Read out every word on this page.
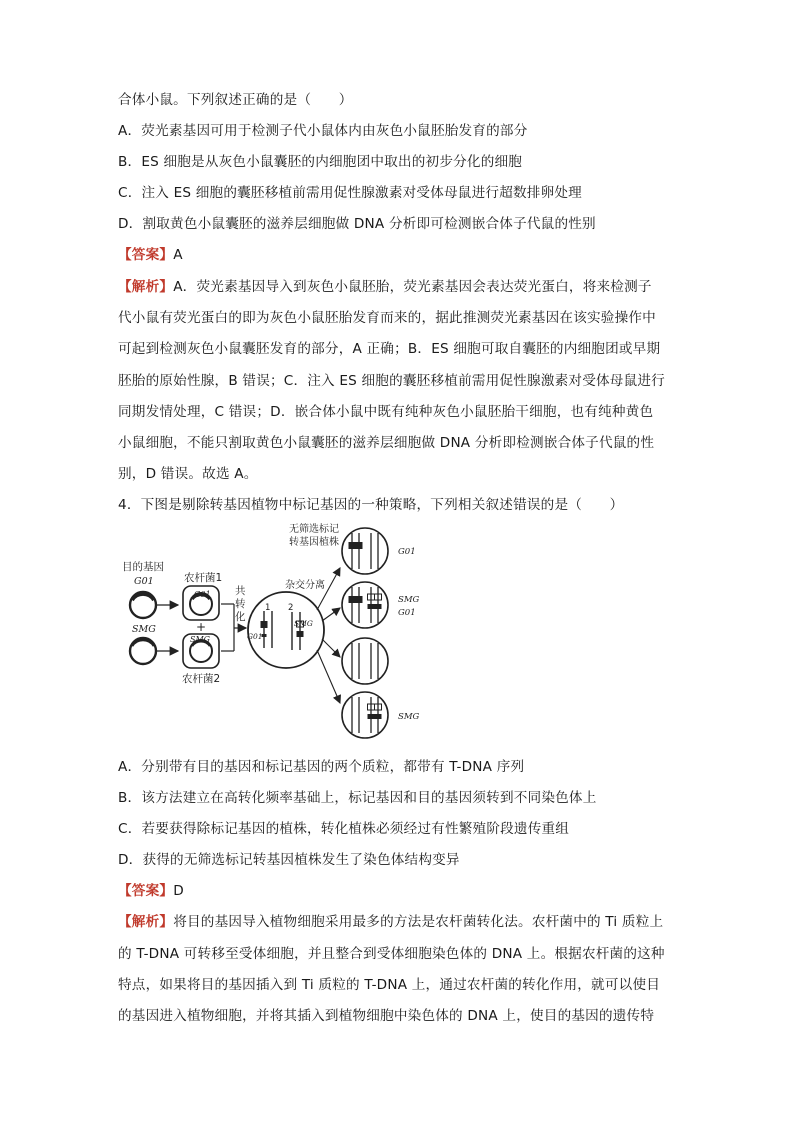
合体小鼠。下列叙述正确的是（　　）
A．荧光素基因可用于检测子代小鼠体内由灰色小鼠胚胎发育的部分
B．ES 细胞是从灰色小鼠囊胚的内细胞团中取出的初步分化的细胞
C．注入 ES 细胞的囊胚移植前需用促性腺激素对受体母鼠进行超数排卵处理
D．割取黄色小鼠囊胚的滋养层细胞做 DNA 分析即可检测嵌合体子代鼠的性别
【答案】A
【解析】A．荧光素基因导入到灰色小鼠胚胎，荧光素基因会表达荧光蛋白，将来检测子
代小鼠有荧光蛋白的即为灰色小鼠胚胎发育而来的，据此推测荧光素基因在该实验操作中
可起到检测灰色小鼠囊胚发育的部分，A 正确；B．ES 细胞可取自囊胚的内细胞团或早期
胚胎的原始性腺，B 错误；C．注入 ES 细胞的囊胚移植前需用促性腺激素对受体母鼠进行
同期发情处理，C 错误；D．嵌合体小鼠中既有纯种灰色小鼠胚胎干细胞，也有纯种黄色
小鼠细胞，不能只割取黄色小鼠囊胚的滋养层细胞做 DNA 分析即检测嵌合体子代鼠的性
别，D 错误。故选 A。
4．下图是剔除转基因植物中标记基因的一种策略，下列相关叙述错误的是（　　）
目的基因
G01
SMG
农杆菌1
G01
+
SMG
农杆菌2
共
转
化
1 2
G01
SMG
杂交分离
无筛选标记
转基因植株
G01
SMG
G01
SMG
A．分别带有目的基因和标记基因的两个质粒，都带有 T-DNA 序列
B．该方法建立在高转化频率基础上，标记基因和目的基因须转到不同染色体上
C．若要获得除标记基因的植株，转化植株必须经过有性繁殖阶段遗传重组
D．获得的无筛选标记转基因植株发生了染色体结构变异
【答案】D
【解析】将目的基因导入植物细胞采用最多的方法是农杆菌转化法。农杆菌中的 Ti 质粒上
的 T-DNA 可转移至受体细胞，并且整合到受体细胞染色体的 DNA 上。根据农杆菌的这种
特点，如果将目的基因插入到 Ti 质粒的 T-DNA 上，通过农杆菌的转化作用，就可以使目
的基因进入植物细胞，并将其插入到植物细胞中染色体的 DNA 上，使目的基因的遗传特
